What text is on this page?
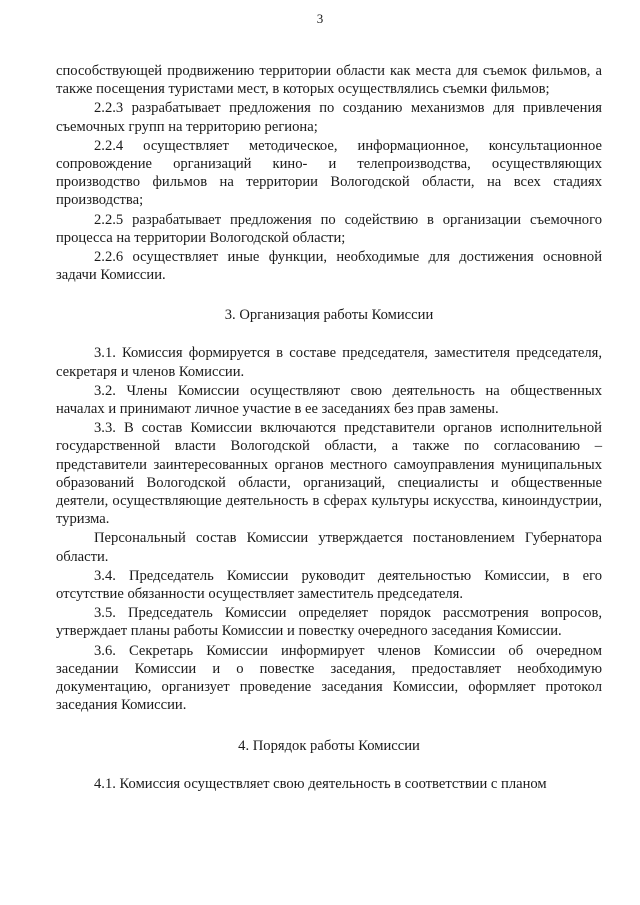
3

способствующей продвижению территории области как места для съемок фильмов, а также посещения туристами мест, в которых осуществлялись съемки фильмов;

2.2.3 разрабатывает предложения по созданию механизмов для привлечения съемочных групп на территорию региона;

2.2.4 осуществляет методическое, информационное, консультационное сопровождение организаций кино- и телепроизводства, осуществляющих производство фильмов на территории Вологодской области, на всех стадиях производства;

2.2.5 разрабатывает предложения по содействию в организации съемочного процесса на территории Вологодской области;

2.2.6 осуществляет иные функции, необходимые для достижения основной задачи Комиссии.

3. Организация работы Комиссии

3.1. Комиссия формируется в составе председателя, заместителя председателя, секретаря и членов Комиссии.

3.2. Члены Комиссии осуществляют свою деятельность на общественных началах и принимают личное участие в ее заседаниях без прав замены.

3.3. В состав Комиссии включаются представители органов исполнительной государственной власти Вологодской области, а также по согласованию – представители заинтересованных органов местного самоуправления муниципальных образований Вологодской области, организаций, специалисты и общественные деятели, осуществляющие деятельность в сферах культуры искусства, киноиндустрии, туризма.

Персональный состав Комиссии утверждается постановлением Губернатора области.

3.4. Председатель Комиссии руководит деятельностью Комиссии, в его отсутствие обязанности осуществляет заместитель председателя.

3.5. Председатель Комиссии определяет порядок рассмотрения вопросов, утверждает планы работы Комиссии и повестку очередного заседания Комиссии.

3.6. Секретарь Комиссии информирует членов Комиссии об очередном заседании Комиссии и о повестке заседания, предоставляет необходимую документацию, организует проведение заседания Комиссии, оформляет протокол заседания Комиссии.

4. Порядок работы Комиссии

4.1. Комиссия осуществляет свою деятельность в соответствии с планом
